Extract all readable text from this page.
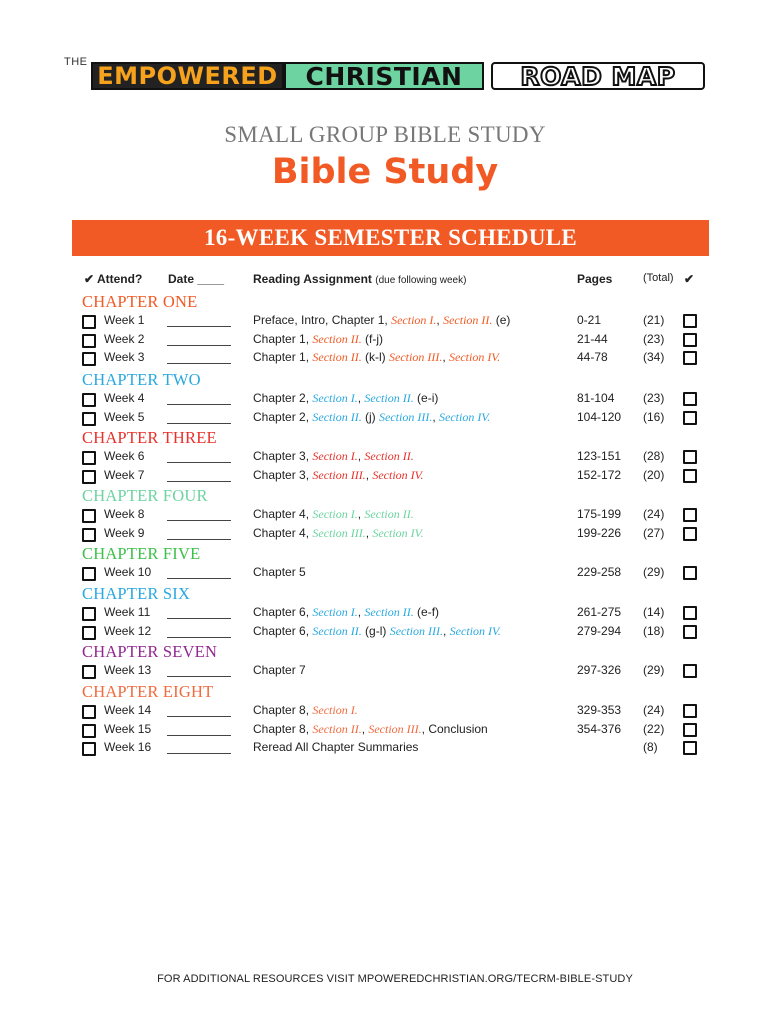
THE EMPOWERED	CHRISTIAN	ROAD MAP
SMALL GROUP BIBLE STUDY
Bible Study
16-WEEK SEMESTER SCHEDULE
✔ Attend? Date ____ Reading Assignment (due following week)	Pages	(Total) ✔
CHAPTER ONE
Week 1	Preface, Intro, Chapter 1, Section I., Section II. (e)	0-21	(21)
Week 2	Chapter 1, Section II. (f-j)	21-44	(23)
Week 3	Chapter 1, Section II. (k-l) Section III., Section IV.	44-78	(34)
CHAPTER TWO
Week 4	Chapter 2, Section I., Section II. (e-i)	81-104 (23)
Week 5	Chapter 2, Section II. (j) Section III., Section IV.	104-120 (16)
CHAPTER THREE
Week 6	Chapter 3, Section I., Section II.	123-151 (28)
Week 7	Chapter 3, Section III., Section IV.	152-172 (20)
CHAPTER FOUR
Week 8	Chapter 4, Section I., Section II.	175-199 (24)
Week 9	Chapter 4, Section III., Section IV.	199-226 (27)
CHAPTER FIVE
Week 10	Chapter 5	229-258 (29)
CHAPTER SIX
Week 11	Chapter 6, Section I., Section II. (e-f)	261-275 (14)
Week 12	Chapter 6, Section II. (g-l) Section III., Section IV.	279-294 (18)
CHAPTER SEVEN
Week 13	Chapter 7	297-326 (29)
CHAPTER EIGHT
Week 14	Chapter 8, Section I.	329-353 (24)
Week 15	Chapter 8, Section II., Section III., Conclusion	354-376 (22)
Week 16	Reread All Chapter Summaries	(8)
FOR ADDITIONAL RESOURCES VISIT MPOWEREDCHRISTIAN.ORG/TECRM-BIBLE-STUDY
